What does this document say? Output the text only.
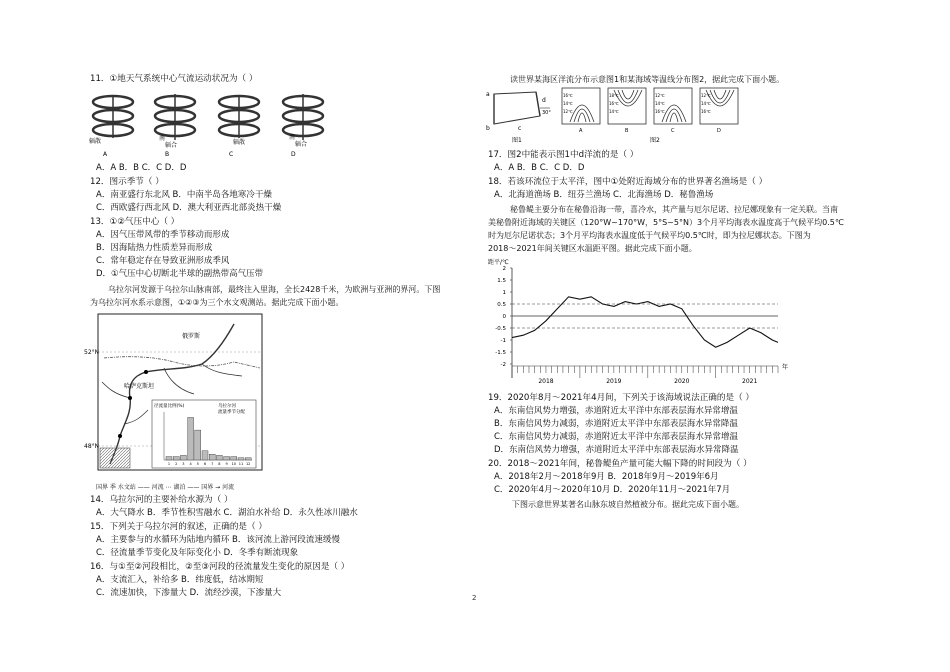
11．①地天气系统中心气流运动状况为（ ）
辐散	南
辐合	辐散
南
辐合
A	B	C	D
A．A B．B C．C D．D
12．图示季节（ ）
A．南亚盛行东北风 B．中南半岛各地寒冷干燥
C．西欧盛行西北风 D．澳大利亚西北部炎热干燥
13．①②气压中心（ ）
A．因气压带风带的季节移动而形成
B．因海陆热力性质差异而形成
C．常年稳定存在导致亚洲形成季风
D．①气压中心切断北半球的副热带高气压带
乌拉尔河发源于乌拉尔山脉南部，最终注入里海，全长2428千米，为欧洲与亚洲的界河。下图
为乌拉尔河水系示意图，①②③为三个水文观测站。据此完成下面小题。
52°N
48°N
俄罗斯
哈萨克斯坦
径流量比例(%)	乌拉尔河
流量季节分配
1 2 3 4 5 6 7 8 9 10 11 12
国界 季 水文站 —— 河流 ⋯ 湖泊 —— 国界 → 河流
14．乌拉尔河的主要补给水源为（ ）
A．大气降水 B．季节性积雪融水 C．湖泊水补给 D．永久性冰川融水
15．下列关于乌拉尔河的叙述，正确的是（ ）
A．主要参与的水循环为陆地内循环 B．该河流上游河段流速缓慢
C．径流量季节变化及年际变化小 D．冬季有断流现象
16．与①至②河段相比，②至③河段的径流量发生变化的原因是（ ）
A．支流汇入，补给多 B．纬度低，结冰期短
C．流速加快，下渗量大 D．流经沙漠，下渗量大
读世界某海区洋流分布示意图1和某海域等温线分布图2，据此完成下面小题。
a
b	c
d
30°
图1
16℃
14℃
12℃
A
18℃
16℃
14℃
B
12℃
14℃
16℃
C
12℃
14℃
16℃
D
图2
17．图2中能表示图1中d洋流的是（ ）
A．A B．B C．C D．D
18．若该环流位于太平洋，图中①处附近海域分布的世界著名渔场是（ ）
A．北海道渔场 B．纽芬兰渔场 C．北海渔场 D．秘鲁渔场
秘鲁鳀主要分布在秘鲁沿海一带，喜冷水，其产量与厄尔尼诺、拉尼娜现象有一定关联。当南
美秘鲁附近海域的关键区（120°W~170°W，5°S~5°N）3个月平均海表水温度高于气候平均0.5℃
时为厄尔尼诺状态；3个月平均海表水温度低于气候平均0.5℃时，即为拉尼娜状态。下图为
2018～2021年间关键区水温距平图。据此完成下面小题。
距平/℃
2
1.5
1
0.5
0
-0.5
-1
-1.5
-2
2018	2019	2020	2021
年
19．2020年8月～2021年4月间，下列关于该海域说法正确的是（ ）
A．东南信风势力增强，赤道附近太平洋中东部表层海水异常增温
B．东南信风势力减弱，赤道附近太平洋中东部表层海水异常降温
C．东南信风势力减弱，赤道附近太平洋中东部表层海水异常增温
D．东南信风势力增强，赤道附近太平洋中东部表层海水异常降温
20．2018～2021年间，秘鲁鳀鱼产量可能大幅下降的时间段为（ ）
A．2018年2月～2018年9月 B．2018年9月～2019年6月
C．2020年4月～2020年10月 D．2020年11月～2021年7月
下图示意世界某著名山脉东坡自然植被分布。据此完成下面小题。
2
